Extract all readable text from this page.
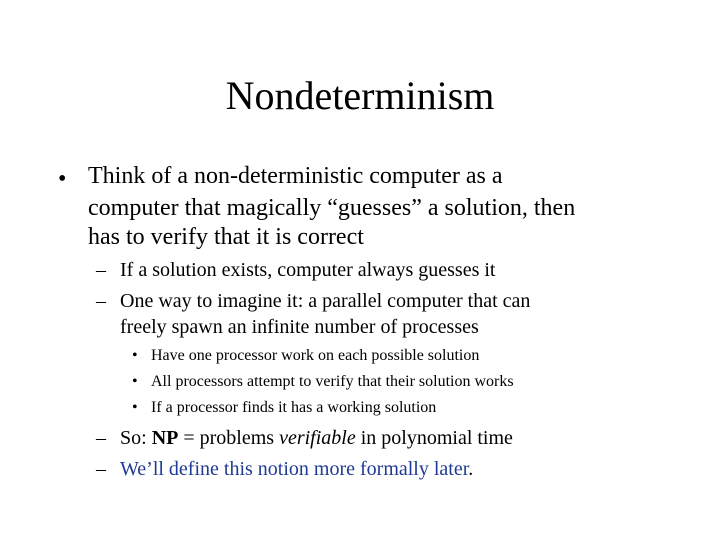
Nondeterminism
• Think of a non-deterministic computer as a
computer that magically “guesses” a solution, then
has to verify that it is correct
– If a solution exists, computer always guesses it
– One way to imagine it: a parallel computer that can
freely spawn an infinite number of processes
• Have one processor work on each possible solution
• All processors attempt to verify that their solution works
• If a processor finds it has a working solution
– So: NP = problems verifiable in polynomial time
– We’ll define this notion more formally later.
